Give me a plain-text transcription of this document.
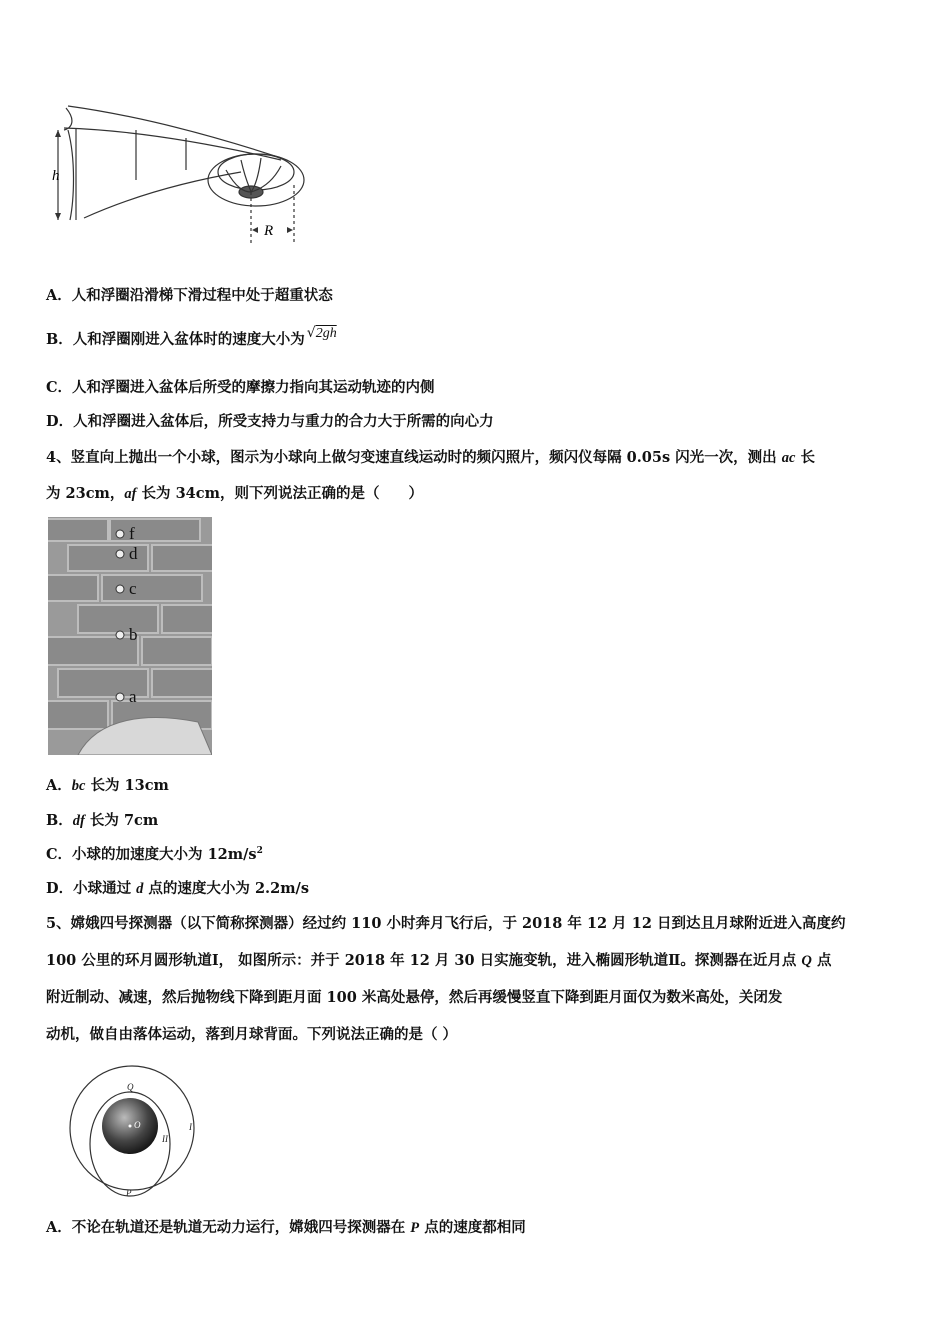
h
R
A．人和浮圈沿滑梯下滑过程中处于超重状态
B．人和浮圈刚进入盆体时的速度大小为 √2gh
C．人和浮圈进入盆体后所受的摩擦力指向其运动轨迹的内侧
D．人和浮圈进入盆体后，所受支持力与重力的合力大于所需的向心力
4、竖直向上抛出一个小球，图示为小球向上做匀变速直线运动时的频闪照片，频闪仪每隔 0.05s 闪光一次，测出 ac 长
为 23cm，af 长为 34cm，则下列说法正确的是（　　）
f
d
c
b
a
A．bc 长为 13cm
B．df 长为 7cm
C．小球的加速度大小为 $12m/s^2$
D．小球通过 d 点的速度大小为 2.2m/s
5、嫦娥四号探测器（以下简称探测器）经过约 110 小时奔月飞行后，于 2018 年 12 月 12 日到达且月球附近进入高度约
100 公里的环月圆形轨道Ⅰ， 如图所示：并于 2018 年 12 月 30 日实施变轨，进入椭圆形轨道Ⅱ。探测器在近月点 Q 点
附近制动、减速，然后抛物线下降到距月面 100 米高处悬停，然后再缓慢竖直下降到距月面仅为数米高处，关闭发
动机，做自由落体运动，落到月球背面。下列说法正确的是（ ）
Q
O	I
II
P
A．不论在轨道还是轨道无动力运行，嫦娥四号探测器在 P 点的速度都相同
